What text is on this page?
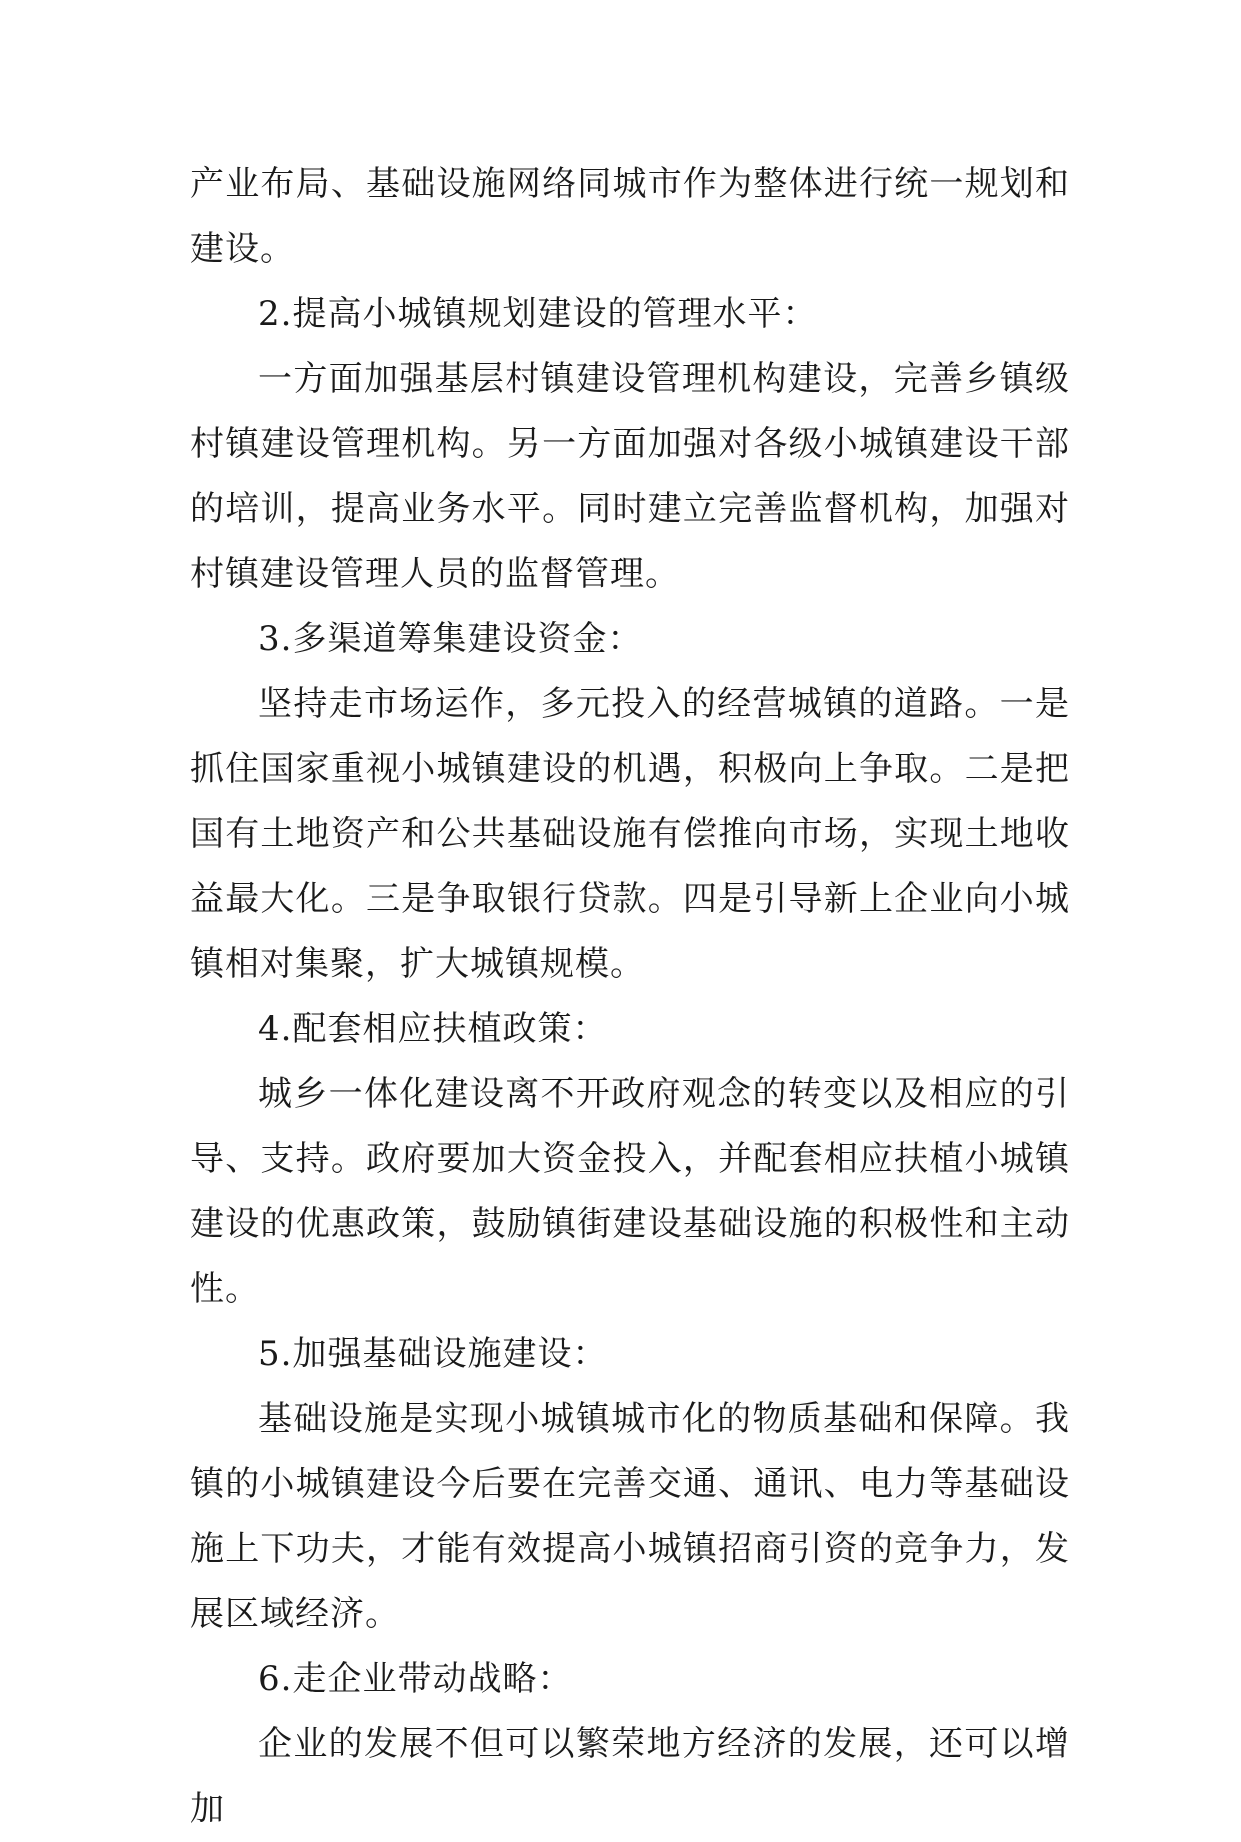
产业布局、基础设施网络同城市作为整体进行统一规划和建设。

2.提高小城镇规划建设的管理水平：

一方面加强基层村镇建设管理机构建设，完善乡镇级村镇建设管理机构。另一方面加强对各级小城镇建设干部的培训，提高业务水平。同时建立完善监督机构，加强对村镇建设管理人员的监督管理。

3.多渠道筹集建设资金：

坚持走市场运作，多元投入的经营城镇的道路。一是抓住国家重视小城镇建设的机遇，积极向上争取。二是把国有土地资产和公共基础设施有偿推向市场，实现土地收益最大化。三是争取银行贷款。四是引导新上企业向小城镇相对集聚，扩大城镇规模。

4.配套相应扶植政策：

城乡一体化建设离不开政府观念的转变以及相应的引导、支持。政府要加大资金投入，并配套相应扶植小城镇建设的优惠政策，鼓励镇街建设基础设施的积极性和主动性。

5.加强基础设施建设：

基础设施是实现小城镇城市化的物质基础和保障。我镇的小城镇建设今后要在完善交通、通讯、电力等基础设施上下功夫，才能有效提高小城镇招商引资的竞争力，发展区域经济。

6.走企业带动战略：

企业的发展不但可以繁荣地方经济的发展，还可以增加
